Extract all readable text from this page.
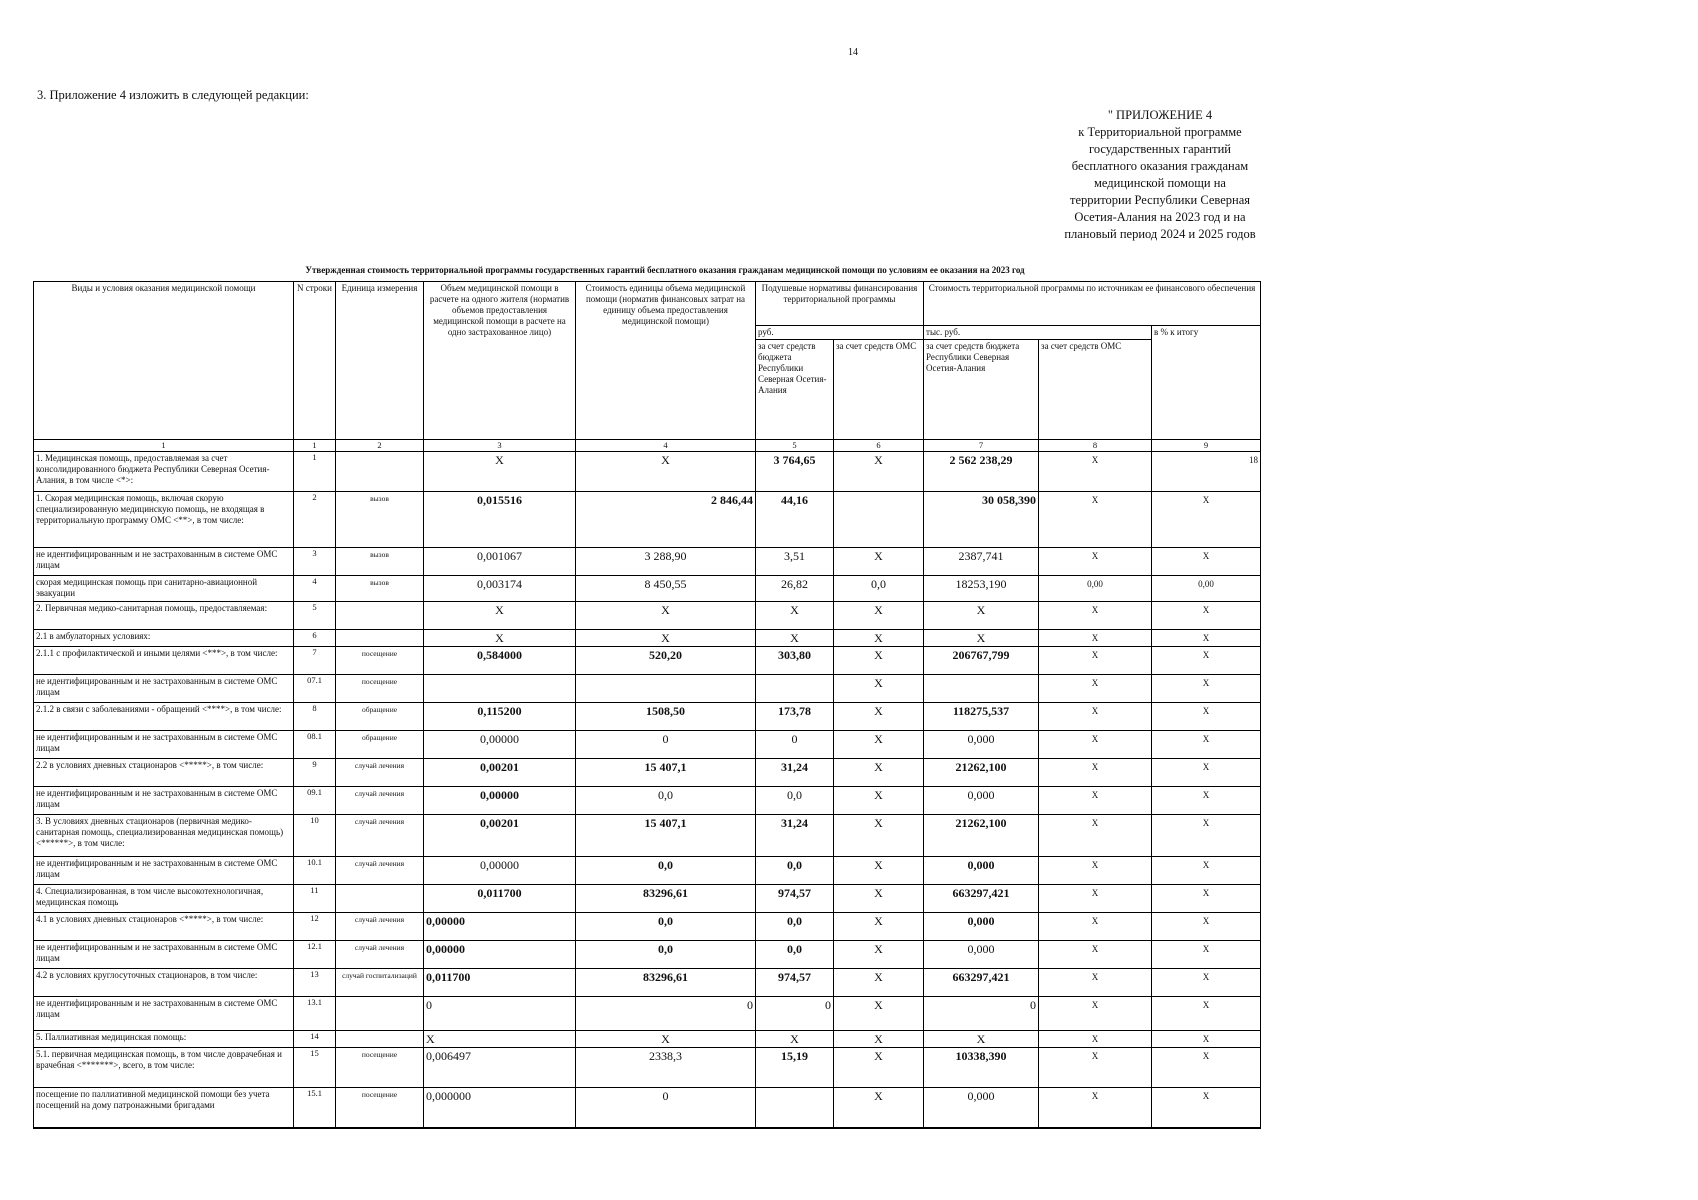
14
3. Приложение 4 изложить в следующей редакции:
" ПРИЛОЖЕНИЕ 4
к Территориальной программе
государственных гарантий
бесплатного оказания гражданам
медицинской помощи на
территории Республики Северная
Осетия-Алания на 2023 год и на
плановый период 2024 и 2025 годов
Утвержденная стоимость территориальной программы государственных гарантий бесплатного оказания гражданам медицинской помощи по условиям ее оказания на 2023 год
Виды и условия оказания медицинской помощи	N строки	Единица измерения	Объем медицинской помощи в расчете на одного жителя (норматив объемов предоставления медицинской помощи в расчете на одно застрахованное лицо)	Стоимость единицы объема медицинской помощи (норматив финансовых затрат на единицу объема предоставления медицинской помощи)	Подушевые нормативы финансирования территориальной программы		Стоимость территориальной программы по источникам ее финансового обеспечения		
					руб.		тыс. руб.		в % к итогу
					за счет средств бюджета Республики Северная Осетия-Алания	за счет средств ОМС	за счет средств бюджета Республики Северная Осетия-Алания	за счет средств ОМС	
1	1	2	3	4	5	6	7	8	9
1. Медицинская помощь, предоставляемая за счет консолидированного бюджета Республики Северная Осетия-Алания, в том числе <*>:	1		X	X	3 764,65	X	2 562 238,29	X	18
1. Скорая медицинская помощь, включая скорую специализированную медицинскую помощь, не входящая в территориальную программу ОМС <**>, в том числе:	2	вызов	0,015516	2 846,44	44,16		30 058,390	X	X
не идентифицированным и не застрахованным в системе ОМС лицам	3	вызов	0,001067	3 288,90	3,51	X	2387,741	X	X
скорая медицинская помощь при санитарно-авиационной эвакуации	4	вызов	0,003174	8 450,55	26,82	0,0	18253,190	0,00	0,00
2. Первичная медико-санитарная помощь, предоставляемая:	5		X	X	X	X	X	X	X
2.1 в амбулаторных условиях:	6		X	X	X	X	X	X	X
2.1.1 с профилактической и иными целями <***>, в том числе:	7	посещение	0,584000	520,20	303,80	X	206767,799	X	X
не идентифицированным и не застрахованным в системе ОМС лицам	07.1	посещение				X		X	X
2.1.2 в связи с заболеваниями - обращений <****>, в том числе:	8	обращение	0,115200	1508,50	173,78	X	118275,537	X	X
не идентифицированным и не застрахованным в системе ОМС лицам	08.1	обращение	0,00000	0	0	X	0,000	X	X
2.2 в условиях дневных стационаров <*****>, в том числе:	9	случай лечения	0,00201	15 407,1	31,24	X	21262,100	X	X
не идентифицированным и не застрахованным в системе ОМС лицам	09.1	случай лечения	0,00000	0,0	0,0	X	0,000	X	X
3. В условиях дневных стационаров (первичная медико-санитарная помощь, специализированная медицинская помощь) <******>, в том числе:	10	случай лечения	0,00201	15 407,1	31,24	X	21262,100	X	X
не идентифицированным и не застрахованным в системе ОМС лицам	10.1	случай лечения	0,00000	0,0	0,0	X	0,000	X	X
4. Специализированная, в том числе высокотехнологичная, медицинская помощь	11		0,011700	83296,61	974,57	X	663297,421	X	X
4.1 в условиях дневных стационаров <*****>, в том числе:	12	случай лечения	0,00000	0,0	0,0	X	0,000	X	X
не идентифицированным и не застрахованным в системе ОМС лицам	12.1	случай лечения	0,00000	0,0	0,0	X	0,000	X	X
4.2 в условиях круглосуточных стационаров, в том числе:	13	случай госпитализаций	0,011700	83296,61	974,57	X	663297,421	X	X
не идентифицированным и не застрахованным в системе ОМС лицам	13.1		0	0	0	X	0	X	X
5. Паллиативная медицинская помощь:	14		X	X	X	X	X	X	X
5.1. первичная медицинская помощь, в том числе доврачебная и врачебная <*******>, всего, в том числе:	15	посещение	0,006497	2338,3	15,19	X	10338,390	X	X
посещение по паллиативной медицинской помощи без учета посещений на дому патронажными бригадами	15.1	посещение	0,000000	0		X	0,000	X	X
